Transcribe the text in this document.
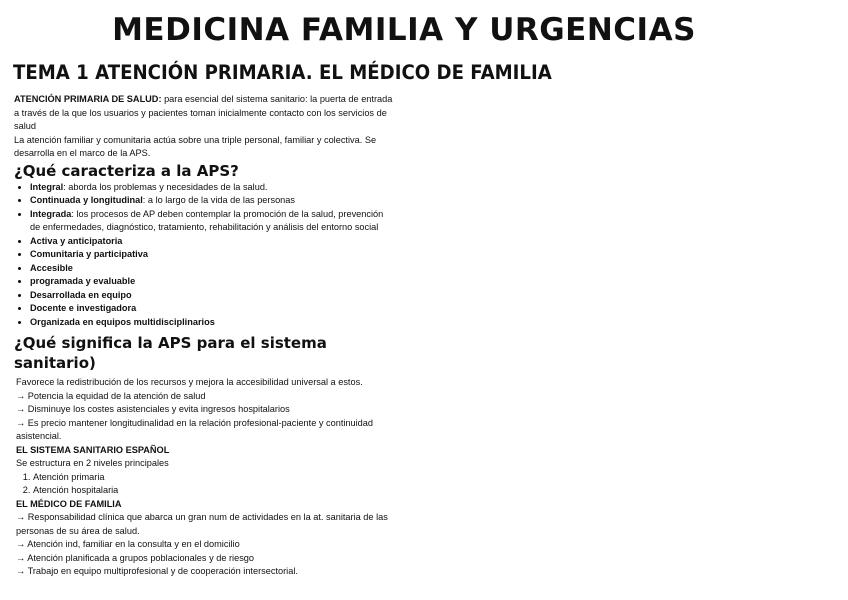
MEDICINA FAMILIA Y URGENCIAS
TEMA 1 ATENCIÓN PRIMARIA. EL MÉDICO DE FAMILIA

ATENCIÓN PRIMARIA DE SALUD: para esencial del sistema sanitario: la puerta de entrada a través de la que los usuarios y pacientes toman inicialmente contacto con los servicios de salud

La atención familiar y comunitaria actúa sobre una triple personal, familiar y colectiva. Se desarrolla en el marco de la APS.

¿Qué caracteriza a la APS?
• Integral: aborda los problemas y necesidades de la salud.
• Continuada y longitudinal: a lo largo de la vida de las personas
• Integrada: los procesos de AP deben contemplar la promoción de la salud, prevención de enfermedades, diagnóstico, tratamiento, rehabilitación y análisis del entorno social
• Activa y anticipatoria
• Comunitaria y participativa
• Accesible
• programada y evaluable
• Desarrollada en equipo
• Docente e investigadora
• Organizada en equipos multidisciplinarios
¿Qué significa la APS para el sistema sanitario)

Favorece la redistribución de los recursos y mejora la accesibilidad universal a estos.

→ Potencia la equidad de la atención de salud

→ Disminuye los costes asistenciales y evita ingresos hospitalarios

→ Es precio mantener longitudinalidad en la relación profesional-paciente y continuidad asistencial.

EL SISTEMA SANITARIO ESPAÑOL

Se estructura en 2 niveles principales

1. Atención primaria
2. Atención hospitalaria

EL MÉDICO DE FAMILIA

→ Responsabilidad clínica que abarca un gran num de actividades en la at. sanitaria de las personas de su área de salud.

→ Atención ind, familiar en la consulta y en el domicilio

→ Atención planificada a grupos poblacionales y de riesgo

→ Trabajo en equipo multiprofesional y de cooperación intersectorial.
